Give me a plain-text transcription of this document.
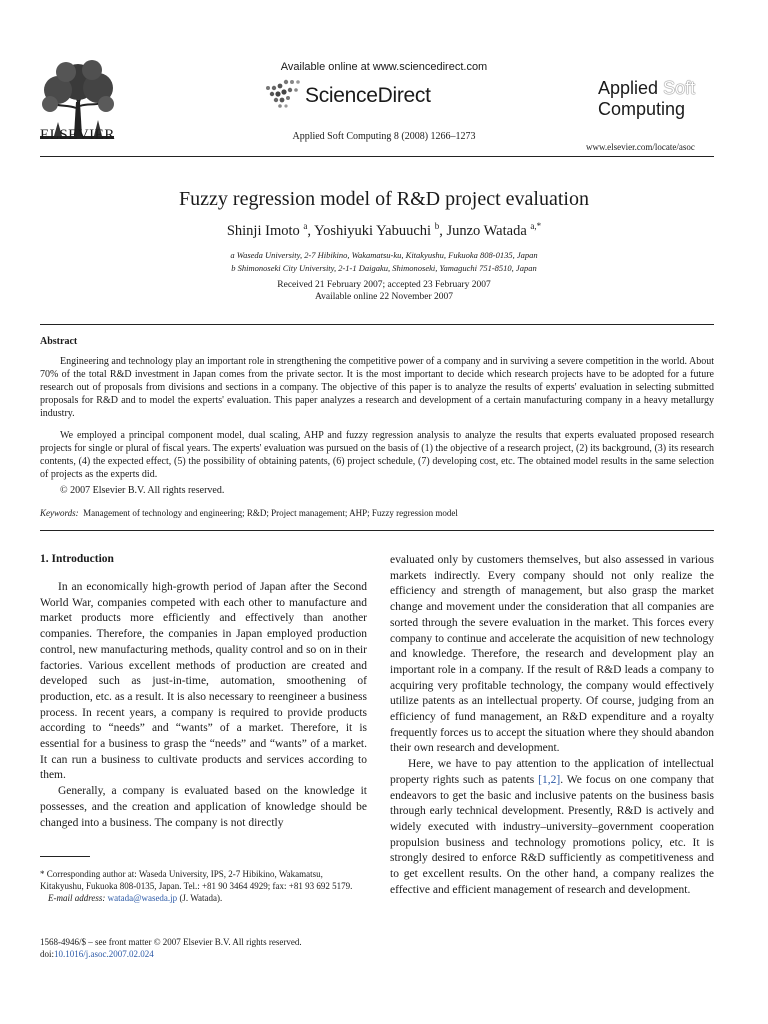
ELSEVIER
Available online at www.sciencedirect.com
ScienceDirect
Applied Soft Computing 8 (2008) 1266–1273
Applied Soft
Computing
www.elsevier.com/locate/asoc
Fuzzy regression model of R&D project evaluation
Shinji Imoto $^a$, Yoshiyuki Yabuuchi $^b$, Junzo Watada $^{a,*}$
a Waseda University, 2-7 Hibikino, Wakamatsu-ku, Kitakyushu, Fukuoka 808-0135, Japan
b Shimonoseki City University, 2-1-1 Daigaku, Shimonoseki, Yamaguchi 751-8510, Japan
Received 21 February 2007; accepted 23 February 2007
Available online 22 November 2007
Abstract

Engineering and technology play an important role in strengthening the competitive power of a company and in surviving a severe competition in the world. About 70% of the total R&D investment in Japan comes from the private sector. It is the most important to decide which research projects have to be adopted for a future research out of proposals from divisions and sections in a company. The objective of this paper is to analyze the results of experts' evaluation in selecting submitted proposals for R&D and to model the experts' evaluation. This paper analyzes a research and development of a certain manufacturing company in a heavy metallurgy industry.

We employed a principal component model, dual scaling, AHP and fuzzy regression analysis to analyze the results that experts evaluated proposed research projects for single or plural of fiscal years. The experts' evaluation was pursued on the basis of (1) the objective of a research project, (2) its background, (3) its research contents, (4) the expected effect, (5) the possibility of obtaining patents, (6) project schedule, (7) developing cost, etc. The obtained model results in the same selection of projects as the experts did.

© 2007 Elsevier B.V. All rights reserved.
Keywords: Management of technology and engineering; R&D; Project management; AHP; Fuzzy regression model
1. Introduction

In an economically high-growth period of Japan after the Second World War, companies competed with each other to manufacture and market products more efficiently and effectively than another companies. Therefore, the companies in Japan employed production control, new manufacturing methods, quality control and so on in their factories. Various excellent methods of production are created and developed such as just-in-time, automation, smoothening of production, etc. as a result. It is also necessary to reengineer a business process. In recent years, a company is required to provide products according to “needs” and “wants” of a market. Therefore, it is essential for a business to grasp the “needs” and “wants” of a market. It can run a business to cultivate products and services according to them.

Generally, a company is evaluated based on the knowledge it possesses, and the creation and application of knowledge should be changed into a business. The company is not directly

evaluated only by customers themselves, but also assessed in various markets indirectly. Every company should not only realize the efficiency and strength of management, but also grasp the market change and movement under the consideration that all companies are sorted through the severe evaluation in the market. This forces every company to continue and accelerate the acquisition of new technology and knowledge. Therefore, the research and development play an important role in a company. If the result of R&D leads a company to acquiring very profitable technology, the company would effectively utilize patents as an intellectual property. Of course, judging from an efficiency of fund management, an R&D expenditure and a royalty frequently forces us to accept the situation where they should abandon their own research and development.

Here, we have to pay attention to the application of intellectual property rights such as patents [1,2]. We focus on one company that endeavors to get the basic and inclusive patents on the business basis through early technical development. Presently, R&D is actively and widely executed with industry–university–government cooperation propulsion business and technology promotions policy, etc. It is strongly desired to enforce R&D sufficiently as competitiveness and to get excellent results. On the other hand, a company realizes the effective and efficient management of research and development.

* Corresponding author at: Waseda University, IPS, 2-7 Hibikino, Wakamatsu, Kitakyushu, Fukuoka 808-0135, Japan. Tel.: +81 90 3464 4929; fax: +81 93 692 5179.

E-mail address: watada@waseda.jp (J. Watada).

1568-4946/$ – see front matter © 2007 Elsevier B.V. All rights reserved.
doi:10.1016/j.asoc.2007.02.024
